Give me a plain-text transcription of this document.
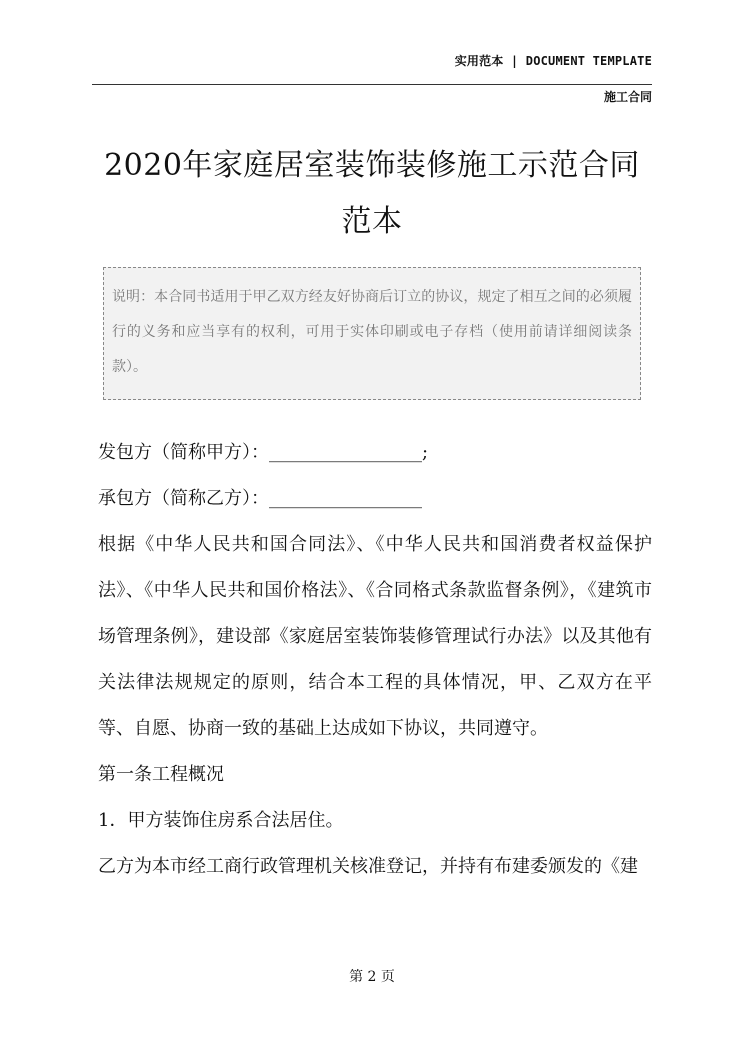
实用范本 | DOCUMENT TEMPLATE
施工合同
2020年家庭居室装饰装修施工示范合同范本

说明：本合同书适用于甲乙双方经友好协商后订立的协议，规定了相互之间的必须履行的义务和应当享有的权利，可用于实体印刷或电子存档（使用前请详细阅读条款）。

发包方（简称甲方）：_________________;

承包方（简称乙方）：_________________

根据《中华人民共和国合同法》、《中华人民共和国消费者权益保护法》、《中华人民共和国价格法》、《合同格式条款监督条例》，《建筑市场管理条例》，建设部《家庭居室装饰装修管理试行办法》以及其他有关法律法规规定的原则，结合本工程的具体情况，甲、乙双方在平等、自愿、协商一致的基础上达成如下协议，共同遵守。

第一条工程概况

1．甲方装饰住房系合法居住。

乙方为本市经工商行政管理机关核准登记，并持有布建委颁发的《建

第 2 页
